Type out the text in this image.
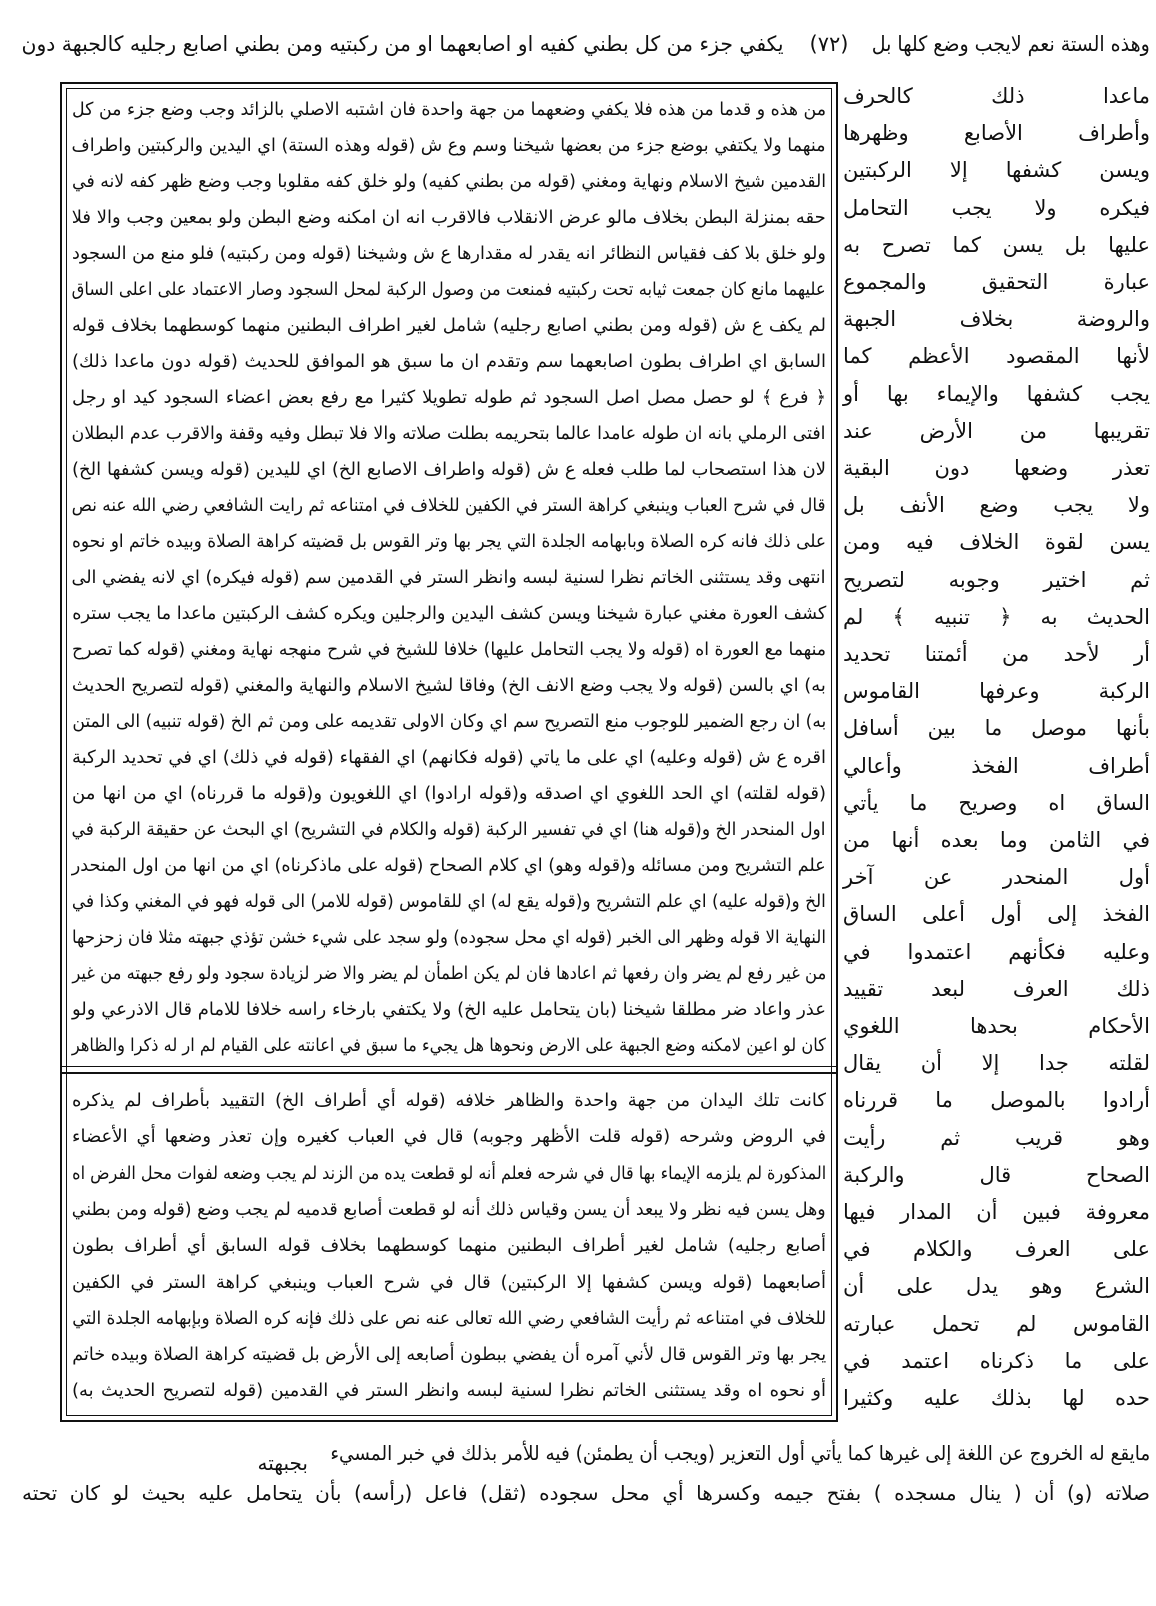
وهذه الستة نعم لايجب وضع كلها بل
(٧٢)
يكفي جزء من كل بطني كفيه او اصابعهما او من ركبتيه ومن بطني اصابع رجليه كالجبهة دون
ماعدا ذلك كالحرف
وأطراف الأصابع وظهرها
ويسن كشفها إلا الركبتين
فيكره ولا يجب التحامل
عليها بل يسن كما تصرح به
عبارة التحقيق والمجموع
والروضة بخلاف الجبهة
لأنها المقصود الأعظم كما
يجب كشفها والإيماء بها أو
تقريبها من الأرض عند
تعذر وضعها دون البقية
ولا يجب وضع الأنف بل
يسن لقوة الخلاف فيه ومن
ثم اختير وجوبه لتصريح
الحديث به ﴿ تنبيه ﴾ لم
أر لأحد من أئمتنا تحديد
الركبة وعرفها القاموس
بأنها موصل ما بين أسافل
أطراف الفخذ وأعالي
الساق اه وصريح ما يأتي
في الثامن وما بعده أنها من
أول المنحدر عن آخر
الفخذ إلى أول أعلى الساق
وعليه فكأنهم اعتمدوا في
ذلك العرف لبعد تقييد
الأحكام بحدها اللغوي
لقلته جدا إلا أن يقال
أرادوا بالموصل ما قررناه
وهو قريب ثم رأيت
الصحاح قال والركبة
معروفة فبين أن المدار فيها
على العرف والكلام في
الشرع وهو يدل على أن
القاموس لم تحمل عبارته
على ما ذكرناه اعتمد في
حده لها بذلك عليه وكثيرا
من هذه و قدما من هذه فلا يكفي وضعهما من جهة واحدة فان اشتبه الاصلي بالزائد وجب وضع جزء من كل
منهما ولا يكتفي بوضع جزء من بعضها شيخنا وسم وع ش (قوله وهذه الستة) اي اليدين والركبتين واطراف
القدمين شيخ الاسلام ونهاية ومغني (قوله من بطني كفيه) ولو خلق كفه مقلوبا وجب وضع ظهر كفه لانه في
حقه بمنزلة البطن بخلاف مالو عرض الانقلاب فالاقرب انه ان امكنه وضع البطن ولو بمعين وجب والا فلا
ولو خلق بلا كف فقياس النظائر انه يقدر له مقدارها ع ش وشيخنا (قوله ومن ركبتيه) فلو منع من السجود
عليهما مانع كان جمعت ثيابه تحت ركبتيه فمنعت من وصول الركبة لمحل السجود وصار الاعتماد على اعلى الساق
لم يكف ع ش (قوله ومن بطني اصابع رجليه) شامل لغير اطراف البطنين منهما كوسطهما بخلاف قوله
السابق اي اطراف بطون اصابعهما سم وتقدم ان ما سبق هو الموافق للحديث (قوله دون ماعدا ذلك)
﴿ فرع ﴾ لو حصل مصل اصل السجود ثم طوله تطويلا كثيرا مع رفع بعض اعضاء السجود كيد او رجل
افتى الرملي بانه ان طوله عامدا عالما بتحريمه بطلت صلاته والا فلا تبطل وفيه وقفة والاقرب عدم البطلان
لان هذا استصحاب لما طلب فعله ع ش (قوله واطراف الاصابع الخ) اي لليدين (قوله ويسن كشفها الخ)
قال في شرح العباب وينبغي كراهة الستر في الكفين للخلاف في امتناعه ثم رايت الشافعي رضي الله عنه نص
على ذلك فانه كره الصلاة وبابهامه الجلدة التي يجر بها وتر القوس بل قضيته كراهة الصلاة وبيده خاتم او نحوه
انتهى وقد يستثنى الخاتم نظرا لسنية لبسه وانظر الستر في القدمين سم (قوله فيكره) اي لانه يفضي الى
كشف العورة مغني عبارة شيخنا ويسن كشف اليدين والرجلين ويكره كشف الركبتين ماعدا ما يجب ستره
منهما مع العورة اه (قوله ولا يجب التحامل عليها) خلافا للشيخ في شرح منهجه نهاية ومغني (قوله كما تصرح
به) اي بالسن (قوله ولا يجب وضع الانف الخ) وفاقا لشيخ الاسلام والنهاية والمغني (قوله لتصريح الحديث
به) ان رجع الضمير للوجوب منع التصريح سم اي وكان الاولى تقديمه على ومن ثم الخ (قوله تنبيه) الى المتن
اقره ع ش (قوله وعليه) اي على ما ياتي (قوله فكانهم) اي الفقهاء (قوله في ذلك) اي في تحديد الركبة
(قوله لقلته) اي الحد اللغوي اي اصدقه و(قوله ارادوا) اي اللغويون و(قوله ما قررناه) اي من انها من
اول المنحدر الخ و(قوله هنا) اي في تفسير الركبة (قوله والكلام في التشريح) اي البحث عن حقيقة الركبة في
علم التشريح ومن مسائله و(قوله وهو) اي كلام الصحاح (قوله على ماذكرناه) اي من انها من اول المنحدر
الخ و(قوله عليه) اي علم التشريح و(قوله يقع له) اي للقاموس (قوله للامر) الى قوله فهو في المغني وكذا في
النهاية الا قوله وظهر الى الخبر (قوله اي محل سجوده) ولو سجد على شيء خشن تؤذي جبهته مثلا فان زحزحها
من غير رفع لم يضر وان رفعها ثم اعادها فان لم يكن اطمأن لم يضر والا ضر لزيادة سجود ولو رفع جبهته من غير
عذر واعاد ضر مطلقا شيخنا (بان يتحامل عليه الخ) ولا يكتفي بارخاء راسه خلافا للامام قال الاذرعي ولو
كان لو اعين لامكنه وضع الجبهة على الارض ونحوها هل يجيء ما سبق في اعانته على القيام لم ار له ذكرا والظاهر
كانت تلك اليدان من جهة واحدة والظاهر خلافه (قوله أي أطراف الخ) التقييد بأطراف لم يذكره
في الروض وشرحه (قوله قلت الأظهر وجوبه) قال في العباب كغيره وإن تعذر وضعها أي الأعضاء
المذكورة لم يلزمه الإيماء بها قال في شرحه فعلم أنه لو قطعت يده من الزند لم يجب وضعه لفوات محل الفرض اه
وهل يسن فيه نظر ولا يبعد أن يسن وقياس ذلك أنه لو قطعت أصابع قدميه لم يجب وضع (قوله ومن بطني
أصابع رجليه) شامل لغير أطراف البطنين منهما كوسطهما بخلاف قوله السابق أي أطراف بطون
أصابعهما (قوله ويسن كشفها إلا الركبتين) قال في شرح العباب وينبغي كراهة الستر في الكفين
للخلاف في امتناعه ثم رأيت الشافعي رضي الله تعالى عنه نص على ذلك فإنه كره الصلاة وبإبهامه الجلدة التي
يجر بها وتر القوس قال لأني آمره أن يفضي ببطون أصابعه إلى الأرض بل قضيته كراهة الصلاة وبيده خاتم
أو نحوه اه وقد يستثنى الخاتم نظرا لسنية لبسه وانظر الستر في القدمين (قوله لتصريح الحديث به)
مايقع له الخروج عن اللغة إلى غيرها كما يأتي أول التعزير (ويجب أن يطمئن) فيه للأمر بذلك في خبر المسيء
بجبهته
صلاته (و) أن ( ينال مسجده ) بفتح جيمه وكسرها أي محل سجوده (ثقل) فاعل (رأسه) بأن يتحامل عليه بحيث لو كان تحته
